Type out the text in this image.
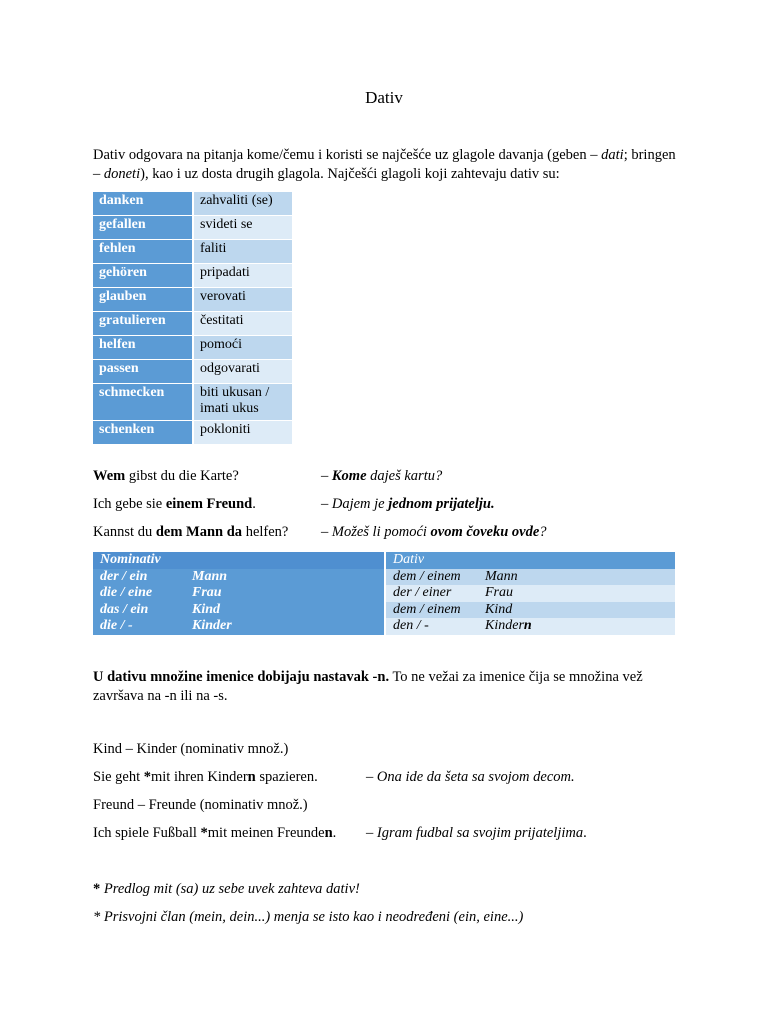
Dativ
Dativ odgovara na pitanja kome/čemu i koristi se najčešće uz glagole davanja (geben – dati; bringen – doneti), kao i uz dosta drugih glagola. Najčešći glagoli koji zahtevaju dativ su:
danken	zahvaliti (se)
gefallen	svideti se
fehlen	faliti
gehören	pripadati
glauben	verovati
gratulieren	čestitati
helfen	pomoći
passen	odgovarati
schmecken	biti ukusan / imati ukus
schenken	pokloniti
Wem gibst du die Karte?	– Kome daješ kartu?
Ich gebe sie einem Freund.	– Dajem je jednom prijatelju.
Kannst du dem Mann da helfen? – Možeš li pomoći ovom čoveku ovde?
Nominativ	Dativ
der / ein Mann	dem / einem Mann
die / eine Frau	der / einer Frau
das / ein Kind	dem / einem Kind
die / - Kinder	den / - Kindern
U dativu množine imenice dobijaju nastavak -n. To ne vežai za imenice čija se množina vež završava na -n ili na -s.
Kind – Kinder (nominativ množ.)
Sie geht *mit ihren Kindern spazieren.	– Ona ide da šeta sa svojom decom.
Freund – Freunde (nominativ množ.)
Ich spiele Fußball *mit meinen Freunden. – Igram fudbal sa svojim prijateljima.
* Predlog mit (sa) uz sebe uvek zahteva dativ!
* Prisvojni član (mein, dein...) menja se isto kao i neodređeni (ein, eine...)
